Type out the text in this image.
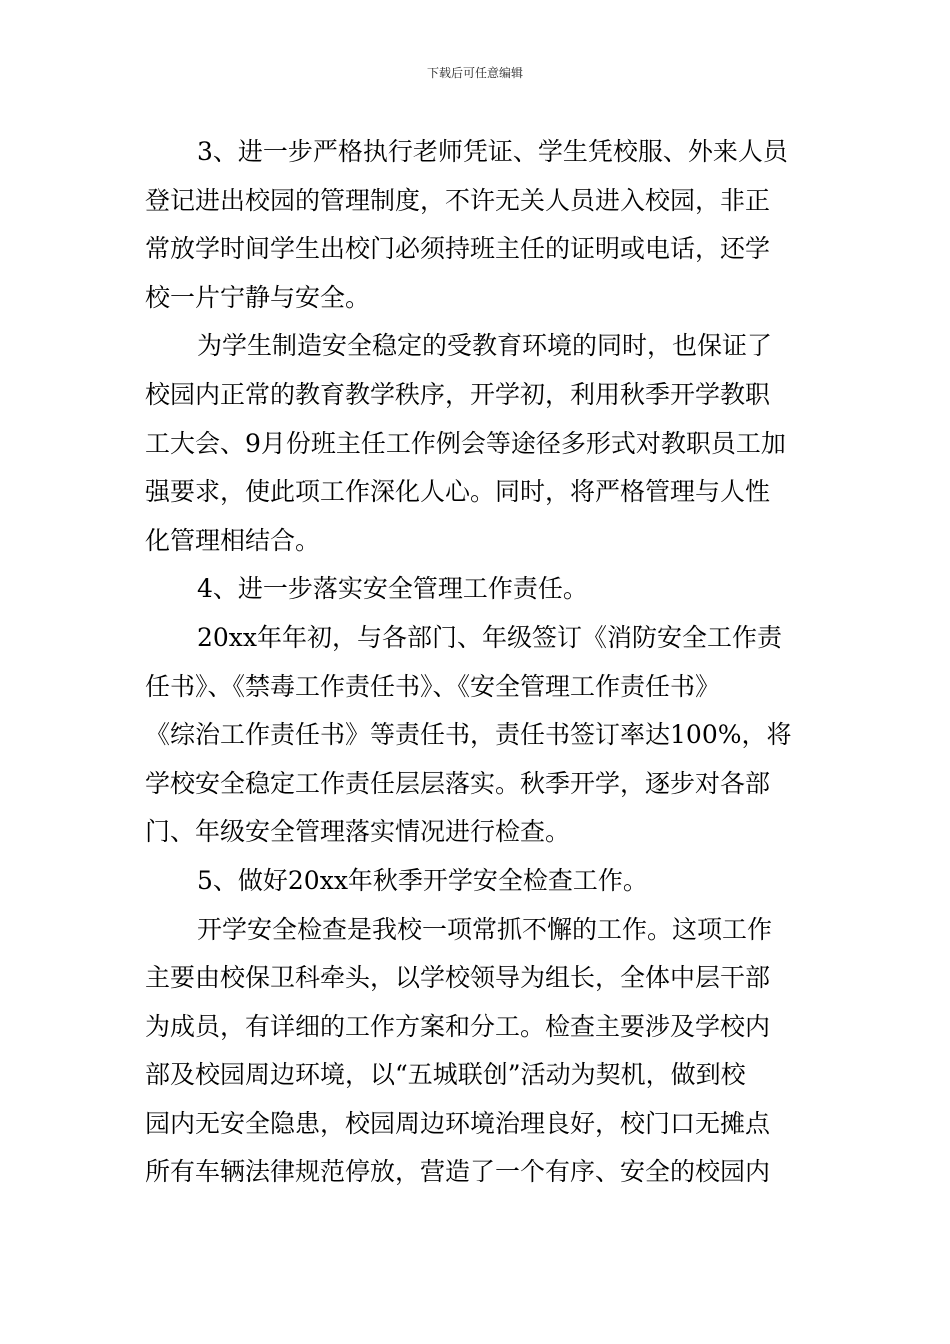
下载后可任意编辑
3、进一步严格执行老师凭证、学生凭校服、外来人员
登记进出校园的管理制度，不许无关人员进入校园，非正
常放学时间学生出校门必须持班主任的证明或电话，还学
校一片宁静与安全。
为学生制造安全稳定的受教育环境的同时，也保证了
校园内正常的教育教学秩序，开学初，利用秋季开学教职
工大会、9月份班主任工作例会等途径多形式对教职员工加
强要求，使此项工作深化人心。同时，将严格管理与人性
化管理相结合。
4、进一步落实安全管理工作责任。
20xx年年初，与各部门、年级签订《消防安全工作责
任书》、《禁毒工作责任书》、《安全管理工作责任书》
《综治工作责任书》等责任书，责任书签订率达100%，将
学校安全稳定工作责任层层落实。秋季开学，逐步对各部
门、年级安全管理落实情况进行检查。
5、做好20xx年秋季开学安全检查工作。
开学安全检查是我校一项常抓不懈的工作。这项工作
主要由校保卫科牵头，以学校领导为组长，全体中层干部
为成员，有详细的工作方案和分工。检查主要涉及学校内
部及校园周边环境，以“五城联创”活动为契机，做到校
园内无安全隐患，校园周边环境治理良好，校门口无摊点
所有车辆法律规范停放，营造了一个有序、安全的校园内
